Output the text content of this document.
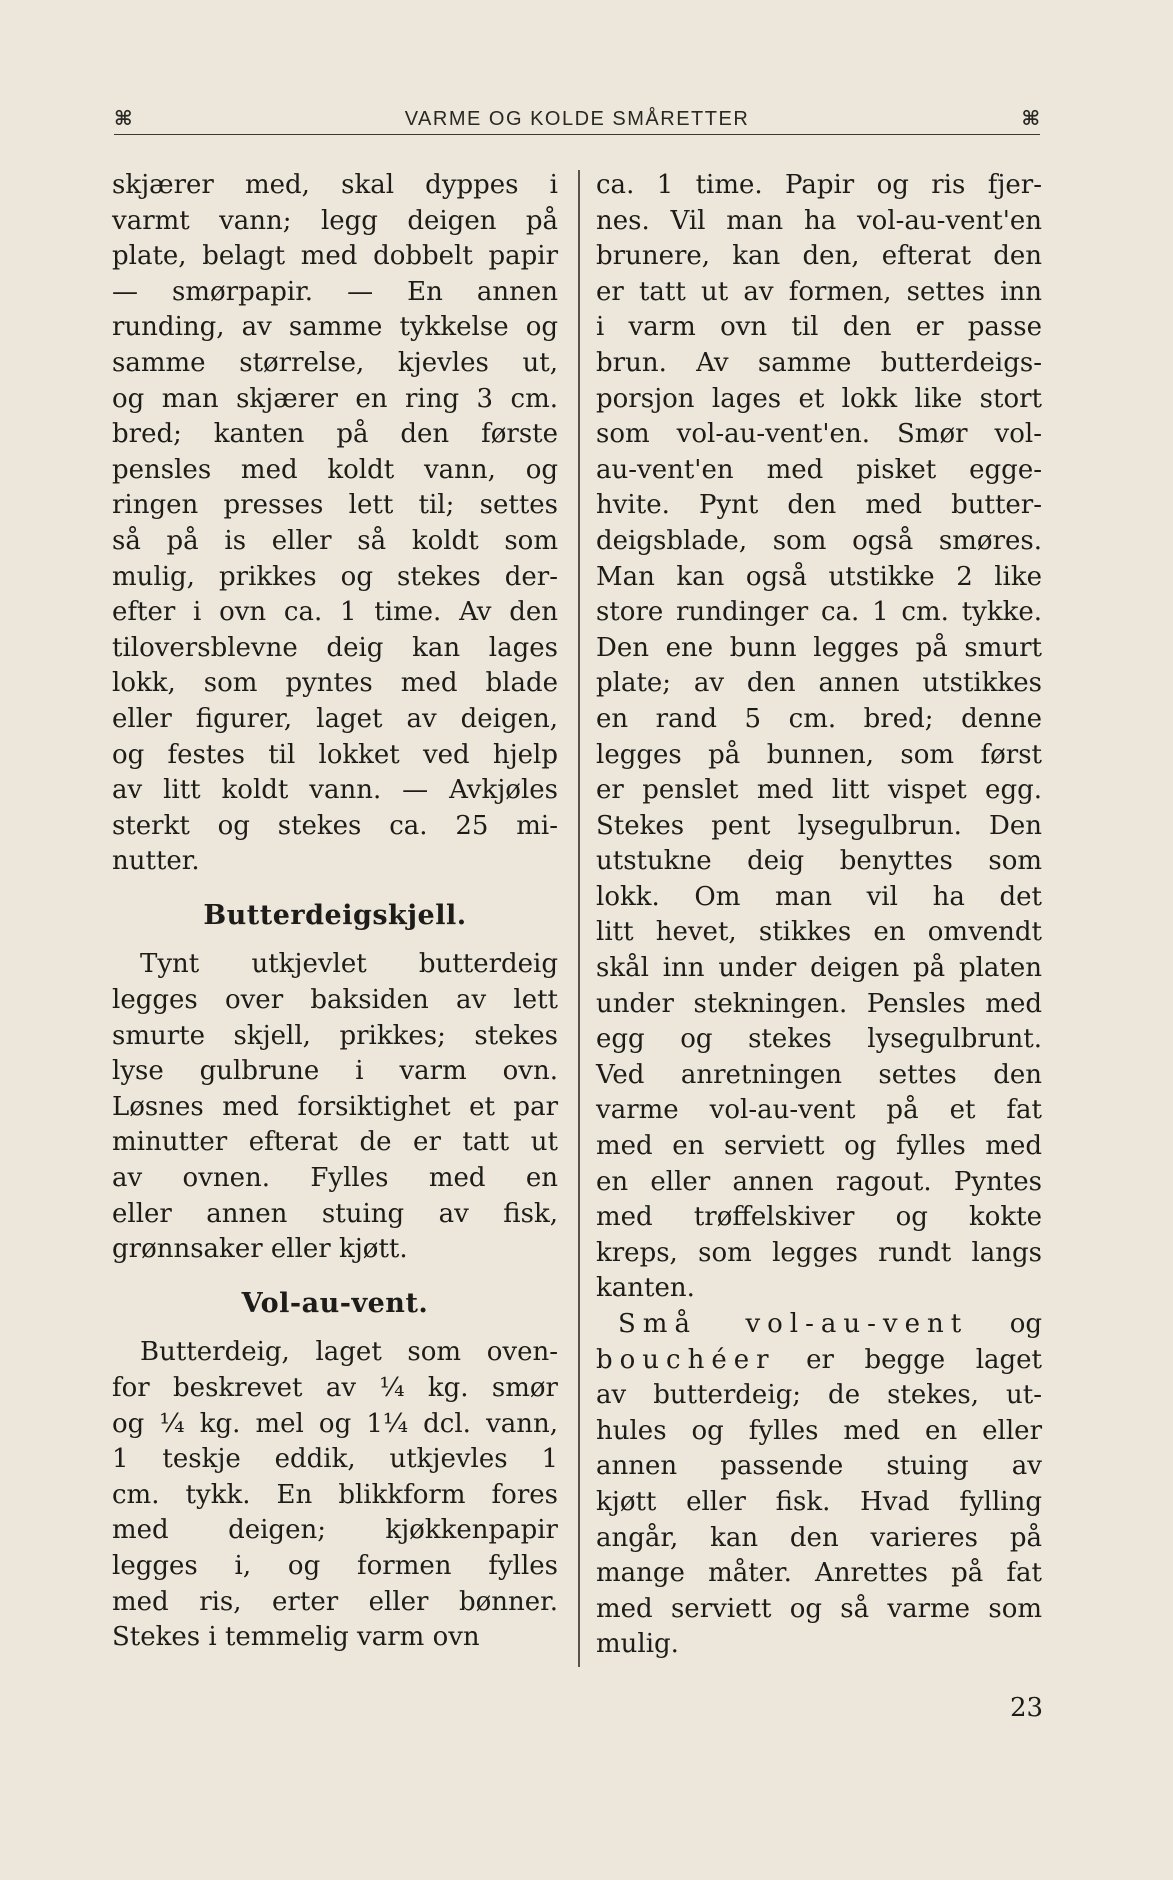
⌘	VARME OG KOLDE SMÅRETTER	⌘
skjærer med, skal dyppes i
varmt vann; legg deigen på
plate, belagt med dobbelt papir
— smørpapir. — En annen
runding, av samme tykkelse og
samme størrelse, kjevles ut,
og man skjærer en ring 3 cm.
bred; kanten på den første
pensles med koldt vann, og
ringen presses lett til; settes
så på is eller så koldt som
mulig, prikkes og stekes der-
efter i ovn ca. 1 time. Av den
tiloversblevne deig kan lages
lokk, som pyntes med blade
eller figurer, laget av deigen,
og festes til lokket ved hjelp
av litt koldt vann. — Avkjøles
sterkt og stekes ca. 25 mi-
nutter.
Butterdeigskjell.
Tynt utkjevlet butterdeig
legges over baksiden av lett
smurte skjell, prikkes; stekes
lyse gulbrune i varm ovn.
Løsnes med forsiktighet et par
minutter efterat de er tatt ut
av ovnen. Fylles med en
eller annen stuing av fisk,
grønnsaker eller kjøtt.
Vol-au-vent.
Butterdeig, laget som oven-
for beskrevet av ¼ kg. smør
og ¼ kg. mel og 1¼ dcl. vann,
1 teskje eddik, utkjevles 1
cm. tykk. En blikkform fores
med deigen; kjøkkenpapir
legges i, og formen fylles
med ris, erter eller bønner.
Stekes i temmelig varm ovn
ca. 1 time. Papir og ris fjer-
nes. Vil man ha vol-au-vent'en
brunere, kan den, efterat den
er tatt ut av formen, settes inn
i varm ovn til den er passe
brun. Av samme butterdeigs-
porsjon lages et lokk like stort
som vol-au-vent'en. Smør vol-
au-vent'en med pisket egge-
hvite. Pynt den med butter-
deigsblade, som også smøres.
Man kan også utstikke 2 like
store rundinger ca. 1 cm. tykke.
Den ene bunn legges på smurt
plate; av den annen utstikkes
en rand 5 cm. bred; denne
legges på bunnen, som først
er penslet med litt vispet egg.
Stekes pent lysegulbrun. Den
utstukne deig benyttes som
lokk. Om man vil ha det
litt hevet, stikkes en omvendt
skål inn under deigen på platen
under stekningen. Pensles med
egg og stekes lysegulbrunt.
Ved anretningen settes den
varme vol-au-vent på et fat
med en serviett og fylles med
en eller annen ragout. Pyntes
med trøffelskiver og kokte
kreps, som legges rundt langs
kanten.
Små vol-au-vent og
bouchéer er begge laget
av butterdeig; de stekes, ut-
hules og fylles med en eller
annen passende stuing av
kjøtt eller fisk. Hvad fylling
angår, kan den varieres på
mange måter. Anrettes på fat
med serviett og så varme som
mulig.
23
